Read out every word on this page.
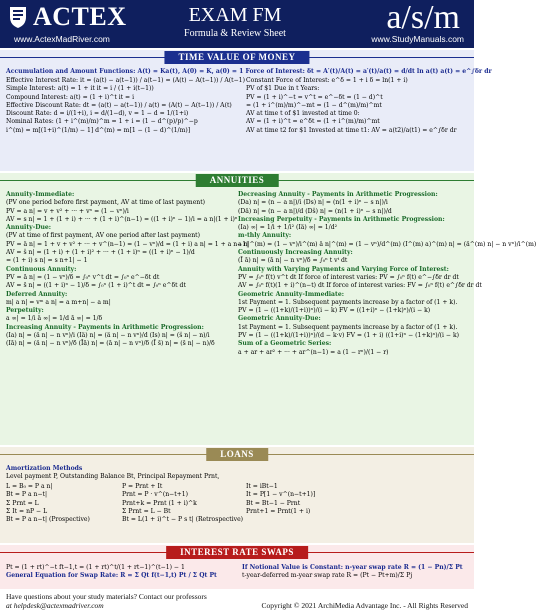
ACTEX
www.ActexMadRiver.com
EXAM FM
Formula & Review Sheet	a/s/m
www.StudyManuals.com
TIME VALUE OF MONEY
Accumulation and Amount Functions: A(t) = Ka(t), A(0) = K, a(0) = 1 Force of Interest: δt = A′(t)/A(t) = a′(t)/a(t) = d/dt ln a(t) a(t) = e^∫δr dr
Effective Interest Rate: it = (a(t) − a(t−1)) / a(t−1) = (A(t) − A(t−1)) / A(t−1)
Simple Interest: a(t) = 1 + it it = i / (1 + i(t−1))
Compound Interest: a(t) = (1 + i)^t it = i
Effective Discount Rate: dt = (a(t) − a(t−1)) / a(t) = (A(t) − A(t−1)) / A(t)
Discount Rate: d = i/(1+i), i = d/(1−d), v = 1 − d = 1/(1+i)
Nominal Rates: (1 + i^(m)/m)^m = 1 + i = (1 − d^(p)/p)^−p
i^(m) = m[(1+i)^(1/m) − 1] d^(m) = m[1 − (1 − d)^(1/m)]
Constant Force of Interest: e^δ = 1 + i δ = ln(1 + i)
PV of $1 Due in t Years:
PV = (1 + i)^−t = v^t = e^−δt = (1 − d)^t
= (1 + i^(m)/m)^−mt = (1 − d^(m)/m)^mt
AV at time t of $1 invested at time 0:
AV = (1 + i)^t = e^δt = (1 + i^(m)/m)^mt
AV at time t2 for $1 Invested at time t1: AV = a(t2)/a(t1) = e^∫δr dr
ANNUITIES
Annuity-Immediate:
(PV one period before first payment, AV at time of last payment)
PV = a n| = v + v² + ··· + vⁿ = (1 − vⁿ)/i
AV = s n| = 1 + (1 + i) + ··· + (1 + i)^(n−1) = ((1 + i)ⁿ − 1)/i = a n|(1 + i)ⁿ
Annuity-Due:
(PV at time of first payment, AV one period after last payment)
PV = ä n| = 1 + v + v² + ··· + v^(n−1) = (1 − vⁿ)/d = (1 + i) a n| = 1 + a n−1|
AV = s̈ n| = (1 + i) + (1 + i)² + ··· + (1 + i)ⁿ = ((1 + i)ⁿ − 1)/d
= (1 + i) s n| = s n+1| − 1
Continuous Annuity:
PV = ā n| = (1 − vⁿ)/δ = ∫₀ⁿ v^t dt = ∫₀ⁿ e^−δt dt
AV = s̄ n| = ((1 + i)ⁿ − 1)/δ = ∫₀ⁿ (1 + i)^t dt = ∫₀ⁿ e^δt dt
Deferred Annuity:
m| a n| = vᵐ a n| = a m+n| − a m|
Perpetuity:
a ∞| = 1/i ä ∞| = 1/d ā ∞| = 1/δ
Increasing Annuity - Payments in Arithmetic Progression:
(Ia) n| = (ä n| − n vⁿ)/i (Iä) n| = (ä n| − n vⁿ)/d (Is) n| = (s̈ n| − n)/i
(Iā) n| = (ä n| − n vⁿ)/δ (Īā) n| = (ā n| − n vⁿ)/δ (Ī s̄) n| = (s̄ n| − n)/δ
Decreasing Annuity - Payments in Arithmetic Progression:
(Da) n| = (n − a n|)/i (Ds) n| = (n(1 + i)ⁿ − s n|)/i
(Dä) n| = (n − a n|)/d (Ds̈) n| = (n(1 + i)ⁿ − s n|)/d
Increasing Perpetuity - Payments in Arithmetic Progression:
(Ia) ∞| = 1/i + 1/i² (Iä) ∞| = 1/d²
m-thly Annuity:
a n|^(m) = (1 − vⁿ)/i^(m) ä n|^(m) = (1 − vⁿ)/d^(m) (I^(m) a)^(m) n| = (ä^(m) n| − n vⁿ)/i^(m)
Continuously Increasing Annuity:
(Ī ā) n| = (ā n| − n vⁿ)/δ = ∫₀ⁿ t vᵗ dt
Annuity with Varying Payments and Varying Force of Interest:
PV = ∫₀ⁿ f(t) v^t dt If force of interest varies: PV = ∫₀ⁿ f(t) e^−∫δr dr dt
AV = ∫₀ⁿ f(t)(1 + i)^(n−t) dt If force of interest varies: FV = ∫₀ⁿ f(t) e^∫δr dr dt
Geometric Annuity-Immediate:
1st Payment = 1. Subsequent payments increase by a factor of (1 + k).
PV = (1 − ((1+k)/(1+i))ⁿ)/(i − k) FV = ((1+i)ⁿ − (1+k)ⁿ)/(i − k)
Geometric Annuity-Due:
1st Payment = 1. Subsequent payments increase by a factor of (1 + k).
PV = (1 − ((1+k)/(1+i))ⁿ)/(d − k·v) FV = (1 + i) ((1+i)ⁿ − (1+k)ⁿ)/(i − k)
Sum of a Geometric Series:
a + ar + ar² + ··· + ar^(n−1) = a (1 − rⁿ)/(1 − r)
LOANS
Amortization Methods
Level payment P, Outstanding Balance Bt, Principal Repayment Prnt,
L = B₀ = P a n|
Bt = P a n−t|
Σ Prnt = L
Σ It = nP − L
Bt = P a n−t| (Prospective)
P = Prnt + It
Prnt = P · v^(n−t+1)
Prnt+k = Prnt (1 + i)^k
Σ Prnt = L − Bt
Bt = L(1 + i)^t − P s t| (Retrospective)
It = iBt−1
It = P[1 − v^(n−t+1)]
Bt = Bt−1 − Prnt
Prnt+1 = Prnt(1 + i)
INTEREST RATE SWAPS
Pt = (1 + rt)^−t ft−1,t = (1 + rt)^t/(1 + rt−1)^(t−1) − 1
General Equation for Swap Rate: R = Σ Qt f(t−1,t) Pt / Σ Qt Pt
If Notional Value is Constant: n-year swap rate R = (1 − Pn)/Σ Pt
t-year-deferred m-year swap rate R = (Pt − Pt+m)/Σ Pj
Have questions about your study materials? Contact our professors
at helpdesk@actexmadriver.com	Copyright © 2021 ArchiMedia Advantage Inc. - All Rights Reserved
